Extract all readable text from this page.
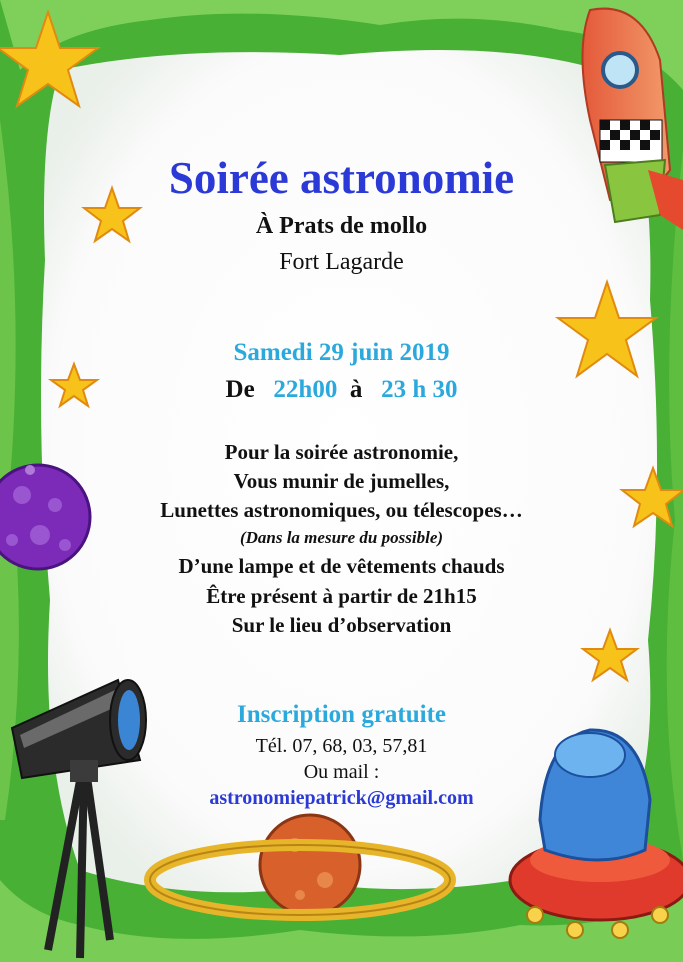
Soirée astronomie
À Prats de mollo
Fort Lagarde
Samedi 29 juin 2019
De 22h00 à 23 h 30
Pour la soirée astronomie,
Vous munir de jumelles,
Lunettes astronomiques, ou télescopes…
(Dans la mesure du possible)
D’une lampe et de vêtements chauds
Être présent à partir de 21h15
Sur le lieu d’observation
Inscription gratuite
Tél. 07, 68, 03, 57,81
Ou mail :
astronomiepatrick@gmail.com
